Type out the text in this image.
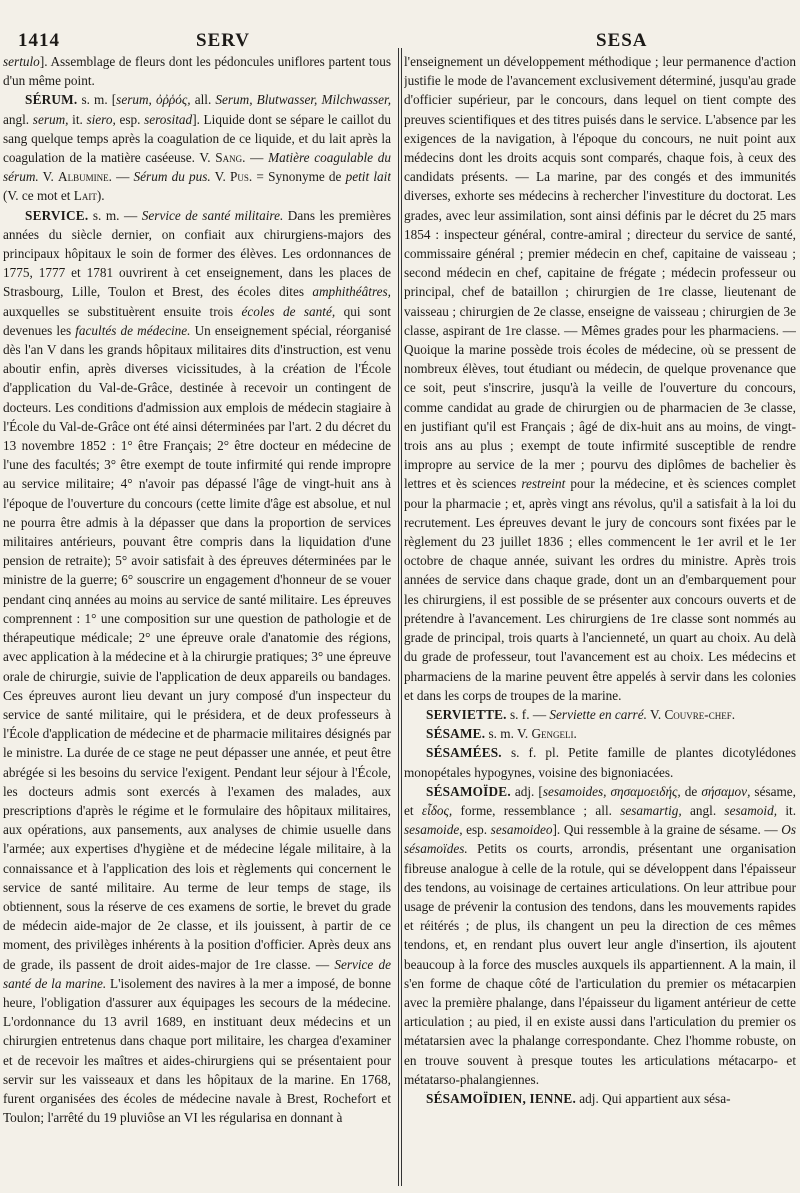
1414	SERV	SESA

sertulo]. Assemblage de fleurs dont les pédoncules uniflores partent tous d'un même point.

SÉRUM. s. m. [serum, ὀῤῥός, all. Serum, Blutwasser, Milchwasser, angl. serum, it. siero, esp. serositad]. Liquide dont se sépare le caillot du sang quelque temps après la coagulation de ce liquide, et du lait après la coagulation de la matière caséeuse. V. Sang. — Matière coagulable du sérum. V. Albumine. — Sérum du pus. V. Pus. = Synonyme de petit lait (V. ce mot et Lait).

SERVICE. s. m. — Service de santé militaire. Dans les premières années du siècle dernier, on confiait aux chirurgiens-majors des principaux hôpitaux le soin de former des élèves. Les ordonnances de 1775, 1777 et 1781 ouvrirent à cet enseignement, dans les places de Strasbourg, Lille, Toulon et Brest, des écoles dites amphithéâtres, auxquelles se substituèrent ensuite trois écoles de santé, qui sont devenues les facultés de médecine. Un enseignement spécial, réorganisé dès l'an V dans les grands hôpitaux militaires dits d'instruction, est venu aboutir enfin, après diverses vicissitudes, à la création de l'École d'application du Val-de-Grâce, destinée à recevoir un contingent de docteurs. Les conditions d'admission aux emplois de médecin stagiaire à l'École du Val-de-Grâce ont été ainsi déterminées par l'art. 2 du décret du 13 novembre 1852 : 1° être Français; 2° être docteur en médecine de l'une des facultés; 3° être exempt de toute infirmité qui rende impropre au service militaire; 4° n'avoir pas dépassé l'âge de vingt-huit ans à l'époque de l'ouverture du concours (cette limite d'âge est absolue, et nul ne pourra être admis à la dépasser que dans la proportion de services militaires antérieurs, pouvant être compris dans la liquidation d'une pension de retraite); 5° avoir satisfait à des épreuves déterminées par le ministre de la guerre; 6° souscrire un engagement d'honneur de se vouer pendant cinq années au moins au service de santé militaire. Les épreuves comprennent : 1° une composition sur une question de pathologie et de thérapeutique médicale; 2° une épreuve orale d'anatomie des régions, avec application à la médecine et à la chirurgie pratiques; 3° une épreuve orale de chirurgie, suivie de l'application de deux appareils ou bandages. Ces épreuves auront lieu devant un jury composé d'un inspecteur du service de santé militaire, qui le présidera, et de deux professeurs à l'École d'application de médecine et de pharmacie militaires désignés par le ministre. La durée de ce stage ne peut dépasser une année, et peut être abrégée si les besoins du service l'exigent. Pendant leur séjour à l'École, les docteurs admis sont exercés à l'examen des malades, aux prescriptions d'après le régime et le formulaire des hôpitaux militaires, aux opérations, aux pansements, aux analyses de chimie usuelle dans l'armée; aux expertises d'hygiène et de médecine légale militaire, à la connaissance et à l'application des lois et règlements qui concernent le service de santé militaire. Au terme de leur temps de stage, ils obtiennent, sous la réserve de ces examens de sortie, le brevet du grade de médecin aide-major de 2e classe, et ils jouissent, à partir de ce moment, des privilèges inhérents à la position d'officier. Après deux ans de grade, ils passent de droit aides-major de 1re classe. — Service de santé de la marine. L'isolement des navires à la mer a imposé, de bonne heure, l'obligation d'assurer aux équipages les secours de la médecine. L'ordonnance du 13 avril 1689, en instituant deux médecins et un chirurgien entretenus dans chaque port militaire, les chargea d'examiner et de recevoir les maîtres et aides-chirurgiens qui se présentaient pour servir sur les vaisseaux et dans les hôpitaux de la marine. En 1768, furent organisées des écoles de médecine navale à Brest, Rochefort et Toulon; l'arrêté du 19 pluviôse an VI les régularisa en donnant à

l'enseignement un développement méthodique ; leur permanence d'action justifie le mode de l'avancement exclusivement déterminé, jusqu'au grade d'officier supérieur, par le concours, dans lequel on tient compte des preuves scientifiques et des titres puisés dans le service. L'absence par les exigences de la navigation, à l'époque du concours, ne nuit point aux médecins dont les droits acquis sont comparés, chaque fois, à ceux des candidats présents. — La marine, par des congés et des immunités diverses, exhorte ses médecins à rechercher l'investiture du doctorat. Les grades, avec leur assimilation, sont ainsi définis par le décret du 25 mars 1854 : inspecteur général, contre-amiral ; directeur du service de santé, commissaire général ; premier médecin en chef, capitaine de vaisseau ; second médecin en chef, capitaine de frégate ; médecin professeur ou principal, chef de bataillon ; chirurgien de 1re classe, lieutenant de vaisseau ; chirurgien de 2e classe, enseigne de vaisseau ; chirurgien de 3e classe, aspirant de 1re classe. — Mêmes grades pour les pharmaciens. — Quoique la marine possède trois écoles de médecine, où se pressent de nombreux élèves, tout étudiant ou médecin, de quelque provenance que ce soit, peut s'inscrire, jusqu'à la veille de l'ouverture du concours, comme candidat au grade de chirurgien ou de pharmacien de 3e classe, en justifiant qu'il est Français ; âgé de dix-huit ans au moins, de vingt-trois ans au plus ; exempt de toute infirmité susceptible de rendre impropre au service de la mer ; pourvu des diplômes de bachelier ès lettres et ès sciences restreint pour la médecine, et ès sciences complet pour la pharmacie ; et, après vingt ans révolus, qu'il a satisfait à la loi du recrutement. Les épreuves devant le jury de concours sont fixées par le règlement du 23 juillet 1836 ; elles commencent le 1er avril et le 1er octobre de chaque année, suivant les ordres du ministre. Après trois années de service dans chaque grade, dont un an d'embarquement pour les chirurgiens, il est possible de se présenter aux concours ouverts et de prétendre à l'avancement. Les chirurgiens de 1re classe sont nommés au grade de principal, trois quarts à l'ancienneté, un quart au choix. Au delà du grade de professeur, tout l'avancement est au choix. Les médecins et pharmaciens de la marine peuvent être appelés à servir dans les colonies et dans les corps de troupes de la marine.

SERVIETTE. s. f. — Serviette en carré. V. Couvre-chef.

SÉSAME. s. m. V. Gengeli.

SÉSAMÉES. s. f. pl. Petite famille de plantes dicotylédones monopétales hypogynes, voisine des bignoniacées.

SÉSAMOÏDE. adj. [sesamoides, σησαμοειδής, de σήσαμον, sésame, et εἶδος, forme, ressemblance ; all. sesamartig, angl. sesamoid, it. sesamoide, esp. sesamoideo]. Qui ressemble à la graine de sésame. — Os sésamoïdes. Petits os courts, arrondis, présentant une organisation fibreuse analogue à celle de la rotule, qui se développent dans l'épaisseur des tendons, au voisinage de certaines articulations. On leur attribue pour usage de prévenir la contusion des tendons, dans les mouvements rapides et réitérés ; de plus, ils changent un peu la direction de ces mêmes tendons, et, en rendant plus ouvert leur angle d'insertion, ils ajoutent beaucoup à la force des muscles auxquels ils appartiennent. A la main, il s'en forme de chaque côté de l'articulation du premier os métacarpien avec la première phalange, dans l'épaisseur du ligament antérieur de cette articulation ; au pied, il en existe aussi dans l'articulation du premier os métatarsien avec la phalange correspondante. Chez l'homme robuste, on en trouve souvent à presque toutes les articulations métacarpo- et métatarso-phalangiennes.

SÉSAMOÏDIEN, IENNE. adj. Qui appartient aux sésa-
